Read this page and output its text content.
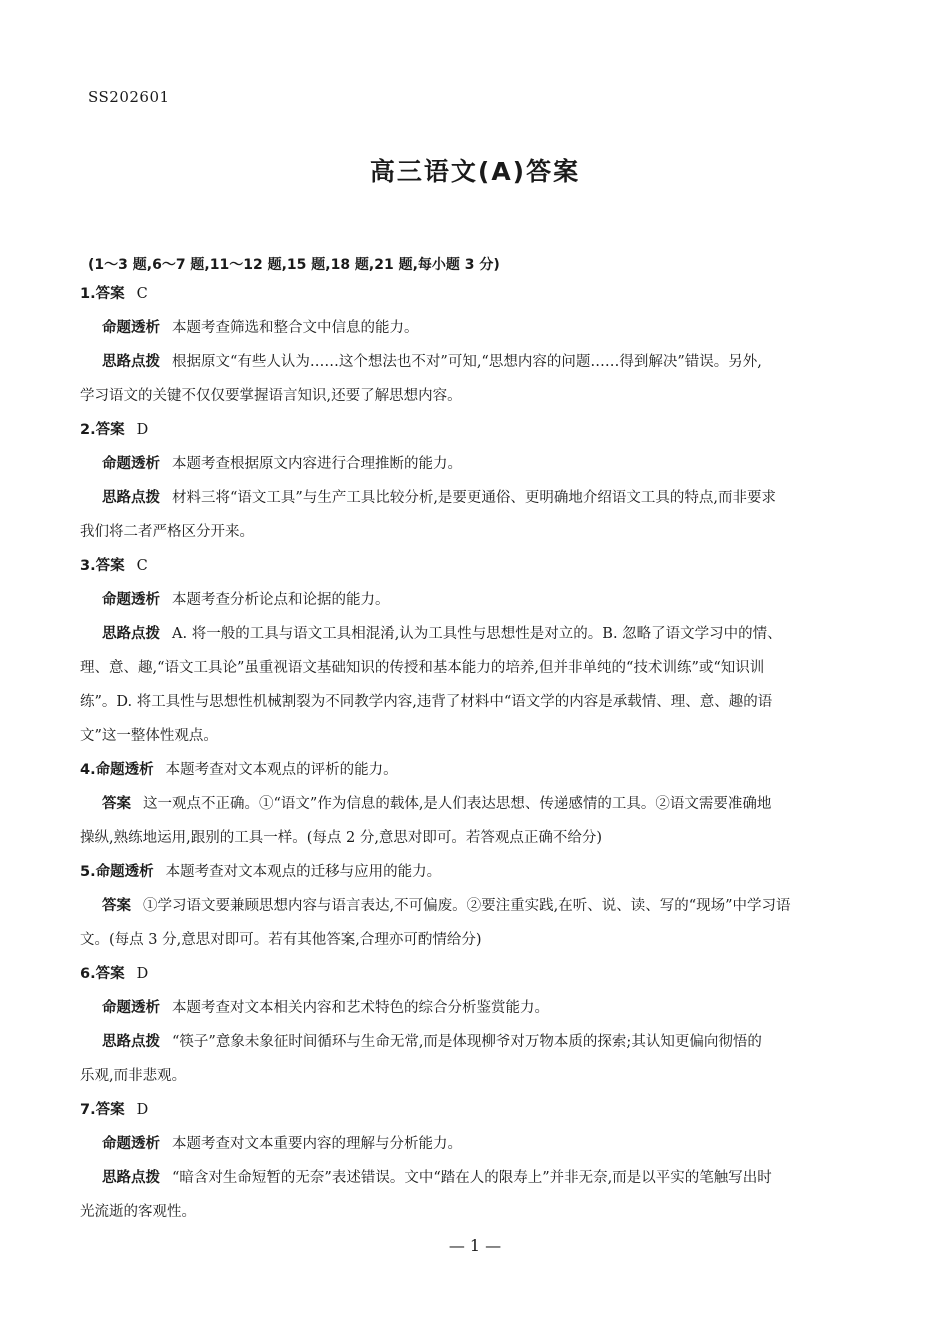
SS202601
高三语文(A)答案
(1～3 题,6～7 题,11～12 题,15 题,18 题,21 题,每小题 3 分)
1.答案 C
命题透析 本题考查筛选和整合文中信息的能力。
思路点拨 根据原文“有些人认为……这个想法也不对”可知,“思想内容的问题……得到解决”错误。另外,
学习语文的关键不仅仅要掌握语言知识,还要了解思想内容。
2.答案 D
命题透析 本题考查根据原文内容进行合理推断的能力。
思路点拨 材料三将“语文工具”与生产工具比较分析,是要更通俗、更明确地介绍语文工具的特点,而非要求
我们将二者严格区分开来。
3.答案 C
命题透析 本题考查分析论点和论据的能力。
思路点拨 A. 将一般的工具与语文工具相混淆,认为工具性与思想性是对立的。B. 忽略了语文学习中的情、
理、意、趣,“语文工具论”虽重视语文基础知识的传授和基本能力的培养,但并非单纯的“技术训练”或“知识训
练”。D. 将工具性与思想性机械割裂为不同教学内容,违背了材料中“语文学的内容是承载情、理、意、趣的语
文”这一整体性观点。
4.命题透析 本题考查对文本观点的评析的能力。
答案 这一观点不正确。①“语文”作为信息的载体,是人们表达思想、传递感情的工具。②语文需要准确地
操纵,熟练地运用,跟别的工具一样。(每点 2 分,意思对即可。若答观点正确不给分)
5.命题透析 本题考查对文本观点的迁移与应用的能力。
答案 ①学习语文要兼顾思想内容与语言表达,不可偏废。②要注重实践,在听、说、读、写的“现场”中学习语
文。(每点 3 分,意思对即可。若有其他答案,合理亦可酌情给分)
6.答案 D
命题透析 本题考查对文本相关内容和艺术特色的综合分析鉴赏能力。
思路点拨 “筷子”意象未象征时间循环与生命无常,而是体现柳爷对万物本质的探索;其认知更偏向彻悟的
乐观,而非悲观。
7.答案 D
命题透析 本题考查对文本重要内容的理解与分析能力。
思路点拨 “暗含对生命短暂的无奈”表述错误。文中“踏在人的限寿上”并非无奈,而是以平实的笔触写出时
光流逝的客观性。
— 1 —
